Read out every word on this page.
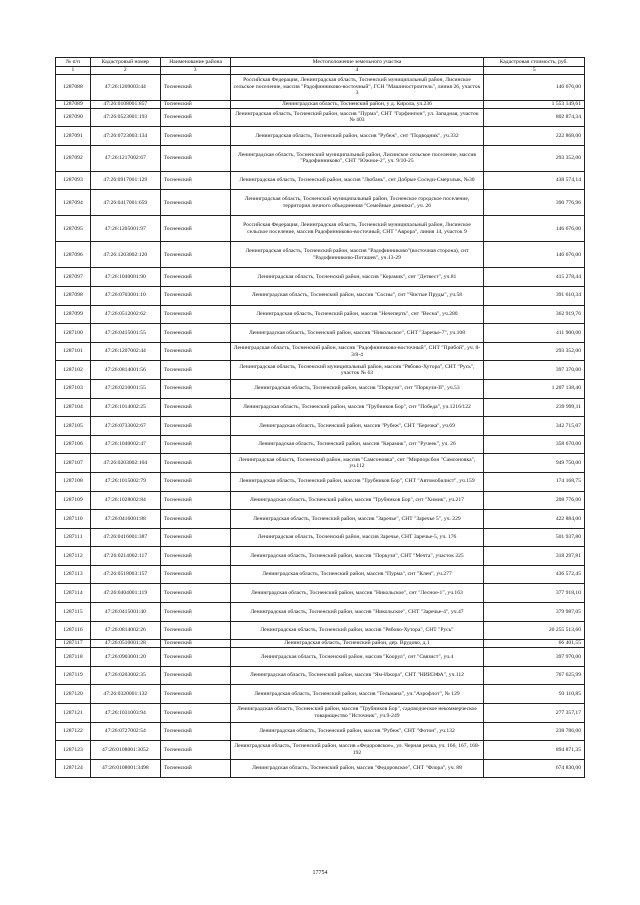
№ п/п	Кадастровый номер	Наименование района	Местоположение земельного участка	Кадастровая стоимость, руб.
1	2	3	4	5
1287088	47:26:1209003:44	Тосненский	Российская Федерация, Ленинградская область, Тосненский муниципальный район, Лисинское сельское поселение, массив "Радофинниково-восточный", ГСН "Машиностроитель", линия 26, участок 3	146 676,00
1287089	47:26:0108001:857	Тосненский	Ленинградская область, Тосненский район, у д. Кирола, ул.236	1 553 149,61
1287090	47:26:0523001:193	Тосненский	Ленинградская область, Тосненский район, массив "Пурма", СНТ "Горфинпон", ул. Западная, участок № 403	802 874,34
1287091	47:26:0723003:134	Тосненский	Ленинградская область, Тосненский район, массив "Рубеж", снт "Подводник", уч.332	222 868,00
1287092	47:26:1217002:67	Тосненский	Ленинградская область, Тосненский муниципальный район, Лисинское сельское поселение, массив "Радофинниково", СНТ "Южное-2", уч. 9/10-25	293 352,00
1287093	47:26:0917001:129	Тосненский	Ленинградская область, Тосненский район, массив "Любань", снт Добрые Соседи-Смерзлык, №30	438 574,14
1287094	47:26:0417001:659	Тосненский	Ленинградская область, Тосненский муниципальный район, Тосненское городское поселение, территория личного объединения "Семейные дачники", уч. 26	390 776,96
1287095	47:26:1205001:97	Тосненский	Российская Федерация, Ленинградская область, Тосненский муниципальный район, Лисинское сельское поселение, массив Радофинниково-восточный, СНТ "Аврора", линия 14, участок 9	146 676,00
1287096	47:26:1203002:120	Тосненский	Ленинградская область, Тосненский район, массив "Радофинниково"(восточная сторона), снт "Радофинниково-Поташев", уч.13-29	146 676,00
1287097	47:26:1040001:90	Тосненский	Ленинградская область, Тосненский район, массив "Керамик", снт "Детвест", уч.81	415 278,44
1287098	47:26:0703001:10	Тосненский	Ленинградская область, Тосненский район, массив "Сосны", снт "Чистые Пруды", уч.58	391 610,34
1287099	47:26:0512002:62	Тосненский	Ленинградская область, Тосненский район, массив "Нечеперть", снт "Весна", уч.280	362 919,76
1287100	47:26:0415001:55	Тосненский	Ленинградская область, Тосненский район, массив "Никольское", СНТ "Заречье-7", уч.108	411 900,00
1287101	47:26:1207002:44	Тосненский	Ленинградская область, Тосненский район, массив "Радофинниково-восточный", СНТ "Прибой", уч. 8-3/8-4	293 352,00
1287102	47:26:0814001:56	Тосненский	Ленинградская область, Тосненский муниципальный район, массив "Рябово-Хутора", СНТ "Русь", участок № 63	397 370,00
1287103	47:26:0210001:55	Тосненский	Ленинградская область, Тосненский район, массив "Поркузи", снт "Поркузи-II", уч.53	1 207 138,40
1287104	47:26:1014002:25	Тосненский	Ленинградская область, Тосненский район, массив "Трубников Бор", снт "Победа", уч.1216/122	239 999,11
1287105	47:26:0733002:67	Тосненский	Ленинградская область, Тосненский район, массив "Рубеж", СНТ "Березка", уч.69	342 715,07
1287106	47:26:1040002:47	Тосненский	Ленинградская область, Тосненский район, массив "Керамик", снт "Ручеек", уч. 26	358 670,00
1287107	47:26:0203002:104	Тосненский	Ленинградская область, Тосненский район, массив "Самсоновка", снт "Мирпорсбон "Самсоновка", уч.112	949 750,00
1287108	47:26:1015002:79	Тосненский	Ленинградская область, Тосненский район, массив "Трубников Бор", СНТ "Автомобилист", уч.159	174 168,75
1287109	47:26:1028002:84	Тосненский	Ленинградская область, Тосненский район, массив "Трубников Бор", снт "Химик", уч.217	208 776,00
1287110	47:26:0416001:88	Тосненский	Ленинградская область, Тосненский район, массив "Заречье", СНТ "Заречье 5", уч. 229	422 884,00
1287111	47:26:0416001:387	Тосненский	Ленинградская область, Тосненский район, массив Заречье, СНТ Заречье-5, уч. 176	501 937,80
1287112	47:26:0214002:117	Тосненский	Ленинградская область, Тосненский район, массив "Поркузи", СНТ "Мечта", участок 225	318 297,81
1287113	47:26:0518003:157	Тосненский	Ленинградская область, Тосненский район, массив "Пурма", снт "Клен", уч.277	436 572,45
1287114	47:26:0404001:119	Тосненский	Ленинградская область, Тосненский район, массив "Никольское", снт "Лесное-1", уч.163	377 918,10
1287115	47:26:0415001:40	Тосненский	Ленинградская область, Тосненский район, массив "Никольское", СНТ "Заречье-4", уч.47	379 987,05
1287116	47:26:0814002:26	Тосненский	Ленинградская область, Тосненский район, массив "Рябово-Хутора", СНТ "Русь"	20 255 513,60
1287117	47:26:0510001:28	Тосненский	Ленинградская область, Тосненский район, дер. Врудово, д.1	66 401,55
1287118	47:26:0903001:20	Тосненский	Ленинградская область, Тосненский район, массив "Коорул", снт "Связист", уч.4	397 970,00
1287119	47:26:0203002:35	Тосненский	Ленинградская область, Тосненский район, массив "Ям-Ижора", СНТ "НИИЭФА", уч.112	767 625,99
1287120	47:26:0320001:132	Тосненский	Ленинградская область, Тосненский район, массив "Тельмана", уч."Аэрофлот", № 129	93 110,85
1287121	47:26:1031003:94	Тосненский	Ленинградская область, Тосненский район, массив "Трубников Бор", садоводческое некоммерческое товарищество "Источник", уч.9-249	277 357,17
1287122	47:26:0727002:54	Тосненский	Ленинградская область, Тосненский район, массив "Рубеж", СНТ "Фотон", уч.132	238 786,00
1287123	47:26:0108001:3052	Тосненский	Ленинградская область, Тосненский район, массив «Федоровское», ул. Черная речка, уч. 166, 167, 168-192	894 871,35
1287124	47:26:0108001:3498	Тосненский	Ленинградская область, Тосненский район, массив "Федоровское", СНТ "Флора", уч. 88	674 830,00
17754
